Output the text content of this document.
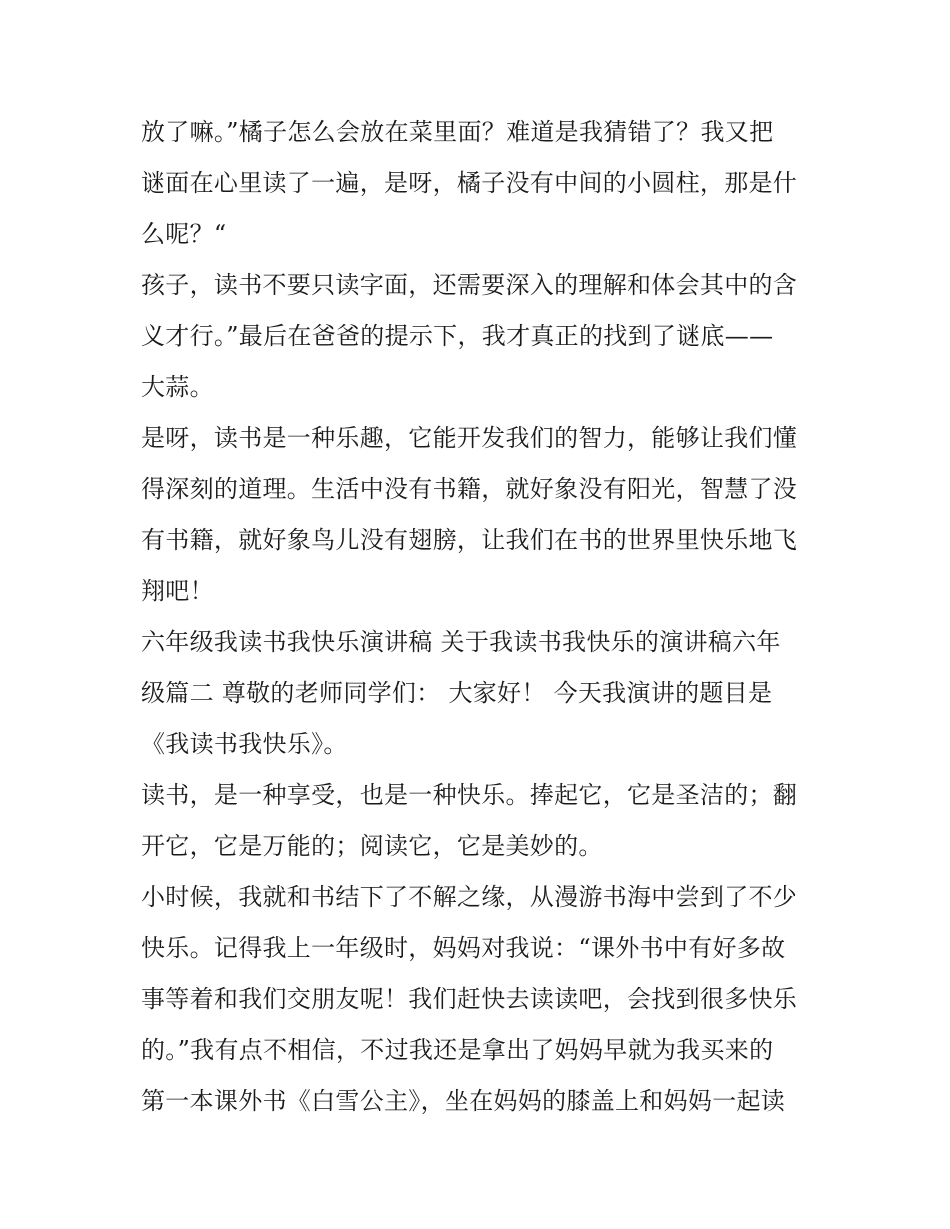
放了嘛。”橘子怎么会放在菜里面？难道是我猜错了？我又把
谜面在心里读了一遍，是呀，橘子没有中间的小圆柱，那是什
么呢？“

孩子，读书不要只读字面，还需要深入的理解和体会其中的含
义才行。”最后在爸爸的提示下，我才真正的找到了谜底——
大蒜。

是呀，读书是一种乐趣，它能开发我们的智力，能够让我们懂
得深刻的道理。生活中没有书籍，就好象没有阳光，智慧了没
有书籍，就好象鸟儿没有翅膀，让我们在书的世界里快乐地飞
翔吧！

六年级我读书我快乐演讲稿 关于我读书我快乐的演讲稿六年
级篇二 尊敬的老师同学们： 大家好！ 今天我演讲的题目是
《我读书我快乐》。

读书，是一种享受，也是一种快乐。捧起它，它是圣洁的；翻
开它，它是万能的；阅读它，它是美妙的。

小时候，我就和书结下了不解之缘，从漫游书海中尝到了不少
快乐。记得我上一年级时，妈妈对我说：“课外书中有好多故
事等着和我们交朋友呢！我们赶快去读读吧，会找到很多快乐
的。”我有点不相信，不过我还是拿出了妈妈早就为我买来的
第一本课外书《白雪公主》，坐在妈妈的膝盖上和妈妈一起读
